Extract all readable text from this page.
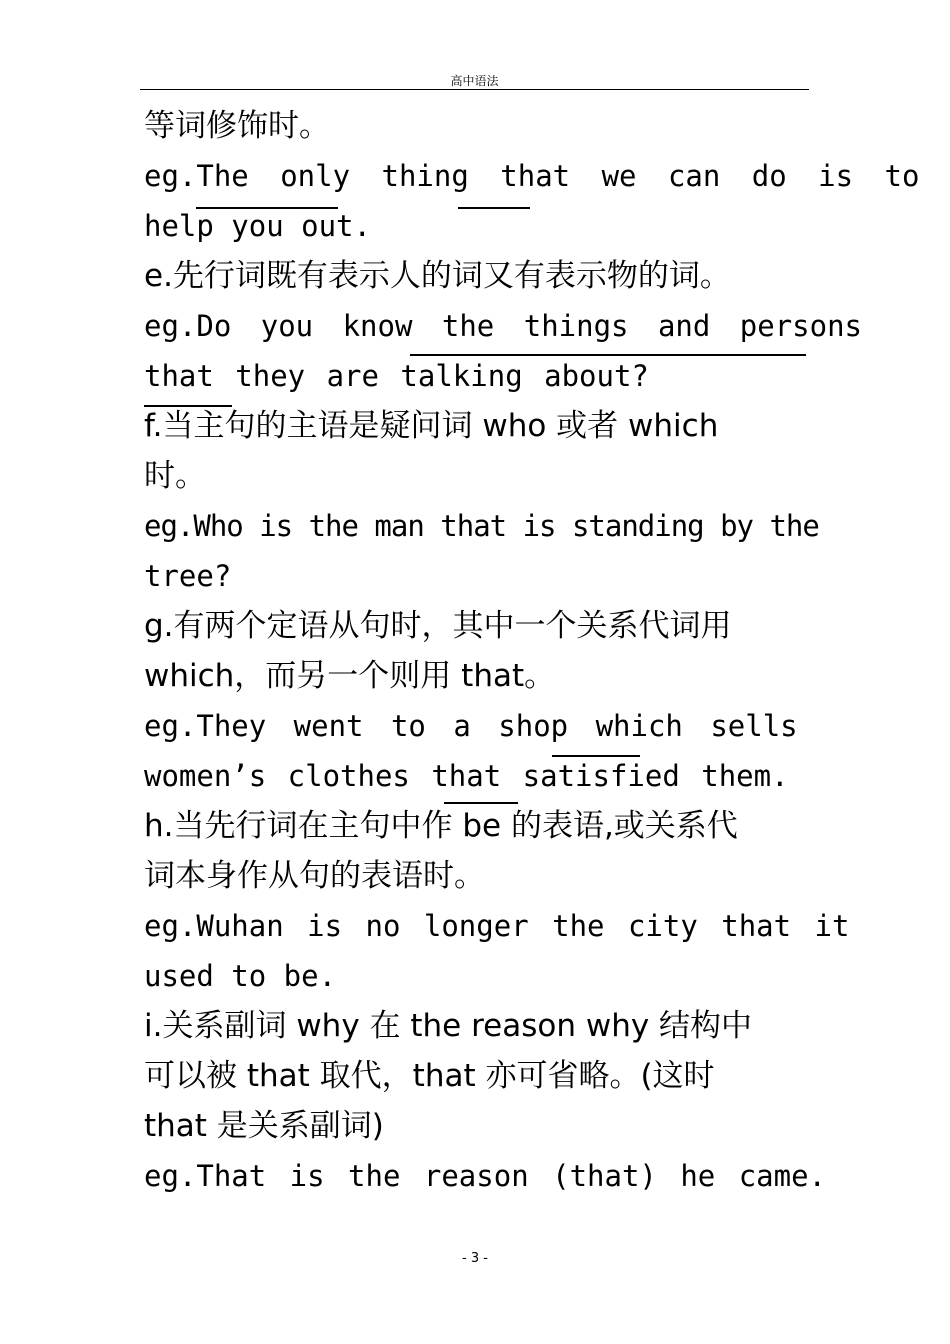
高中语法
等词修饰时。
eg.The only thing that we can do is to
help you out.
e.先行词既有表示人的词又有表示物的词。
eg.Do you know the things and persons
that they are talking about?
f.当主句的主语是疑问词 who 或者 which
时。
eg.Who is the man that is standing by the
tree?
g.有两个定语从句时，其中一个关系代词用
which，而另一个则用 that。
eg.They went to a shop which sells
women’s clothes that satisfied them.
h.当先行词在主句中作 be 的表语,或关系代
词本身作从句的表语时。
eg.Wuhan is no longer the city that it
used to be.
i.关系副词 why 在 the reason why 结构中
可以被 that 取代，that 亦可省略。(这时
that 是关系副词)
eg.That is the reason (that) he came.
- 3 -
